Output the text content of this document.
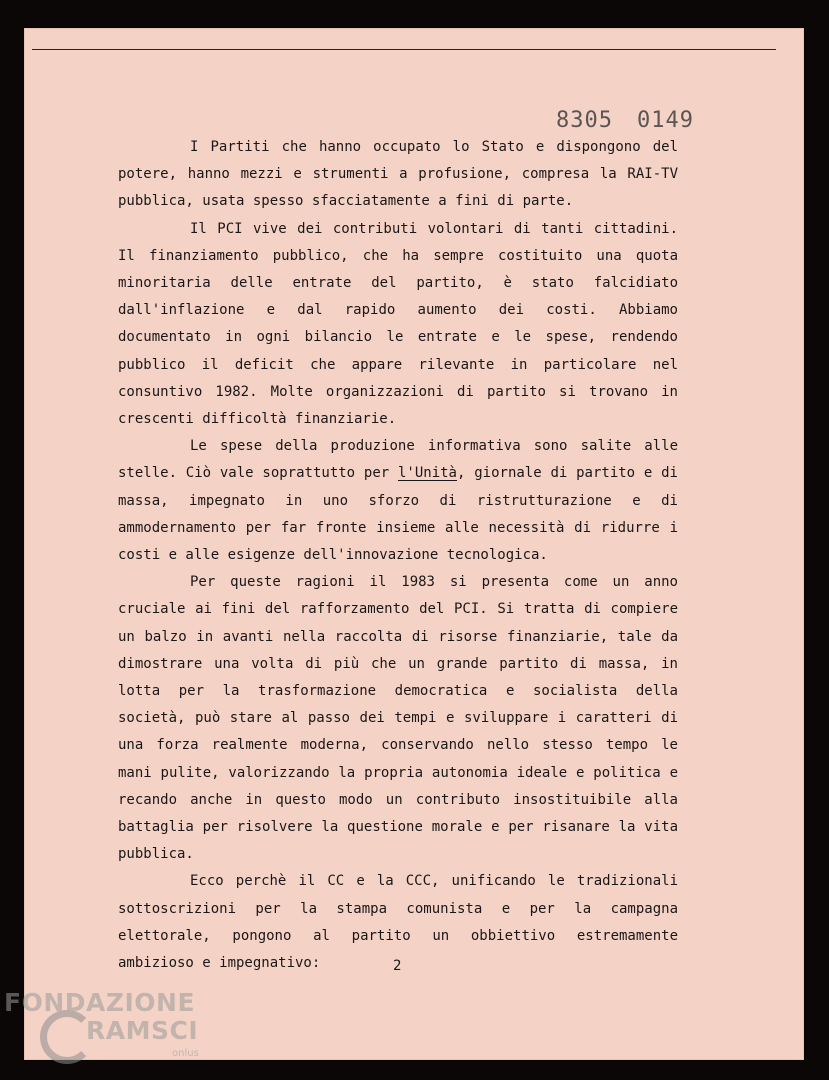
8305 0149

I Partiti che hanno occupato lo Stato e dispongono del potere, hanno mezzi e strumenti a profusione, compresa la RAI-TV pubblica, usata spesso sfacciatamente a fini di parte.

Il PCI vive dei contributi volontari di tanti cittadini. Il finanziamento pubblico, che ha sempre costituito una quota minoritaria delle entrate del partito, è stato falcidiato dall'inflazione e dal rapido aumento dei costi. Abbiamo documentato in ogni bilancio le entrate e le spese, rendendo pubblico il deficit che appare rilevante in particolare nel consuntivo 1982. Molte organizzazioni di partito si trovano in crescenti difficoltà finanziarie.

Le spese della produzione informativa sono salite alle stelle. Ciò vale soprattutto per l'Unità, giornale di partito e di massa, impegnato in uno sforzo di ristrutturazione e di ammodernamento per far fronte insieme alle necessità di ridurre i costi e alle esigenze dell'innovazione tecnologica.

Per queste ragioni il 1983 si presenta come un anno cruciale ai fini del rafforzamento del PCI. Si tratta di compiere un balzo in avanti nella raccolta di risorse finanziarie, tale da dimostrare una volta di più che un grande partito di massa, in lotta per la trasformazione democratica e socialista della società, può stare al passo dei tempi e sviluppare i caratteri di una forza realmente moderna, conservando nello stesso tempo le mani pulite, valorizzando la propria autonomia ideale e politica e recando anche in questo modo un contributo insostituibile alla battaglia per risolvere la questione morale e per risanare la vita pubblica.

Ecco perchè il CC e la CCC, unificando le tradizionali sottoscrizioni per la stampa comunista e per la campagna elettorale, pongono al partito un obbiettivo estremamente ambizioso e impegnativo:	2
FONDAZIONE
RAMSCI
onlus
